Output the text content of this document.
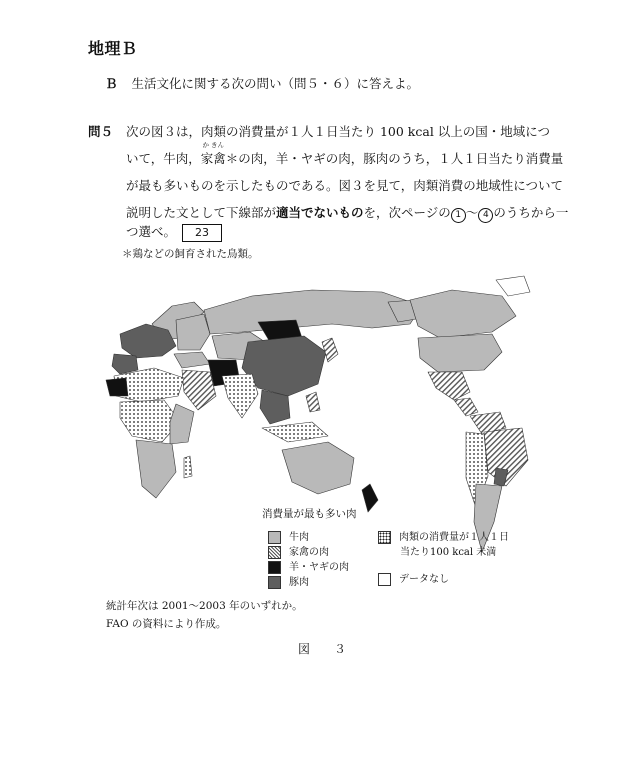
地理Ｂ
Ｂ 生活文化に関する次の問い（問５・６）に答えよ。
問５ 次の図３は，肉類の消費量が１人１日当たり 100 kcal 以上の国・地域につ
いて，牛肉，
か きん
家禽＊の肉，羊・ヤギの肉，豚肉のうち，１人１日当たり消費量
が最も多いものを示したものである。図３を見て，肉類消費の地域性について
説明した文として下線部が適当でないものを，次ページの 1 〜 4 のうちから一
つ選べ。 23
＊鶏などの飼育された鳥類。
消費量が最も多い肉
牛肉
家禽の肉
羊・ヤギの肉
豚肉
肉類の消費量が１人１日
当たり100 kcal 未満
データなし
統計年次は 2001〜2003 年のいずれか。
FAO の資料により作成。
図　３
